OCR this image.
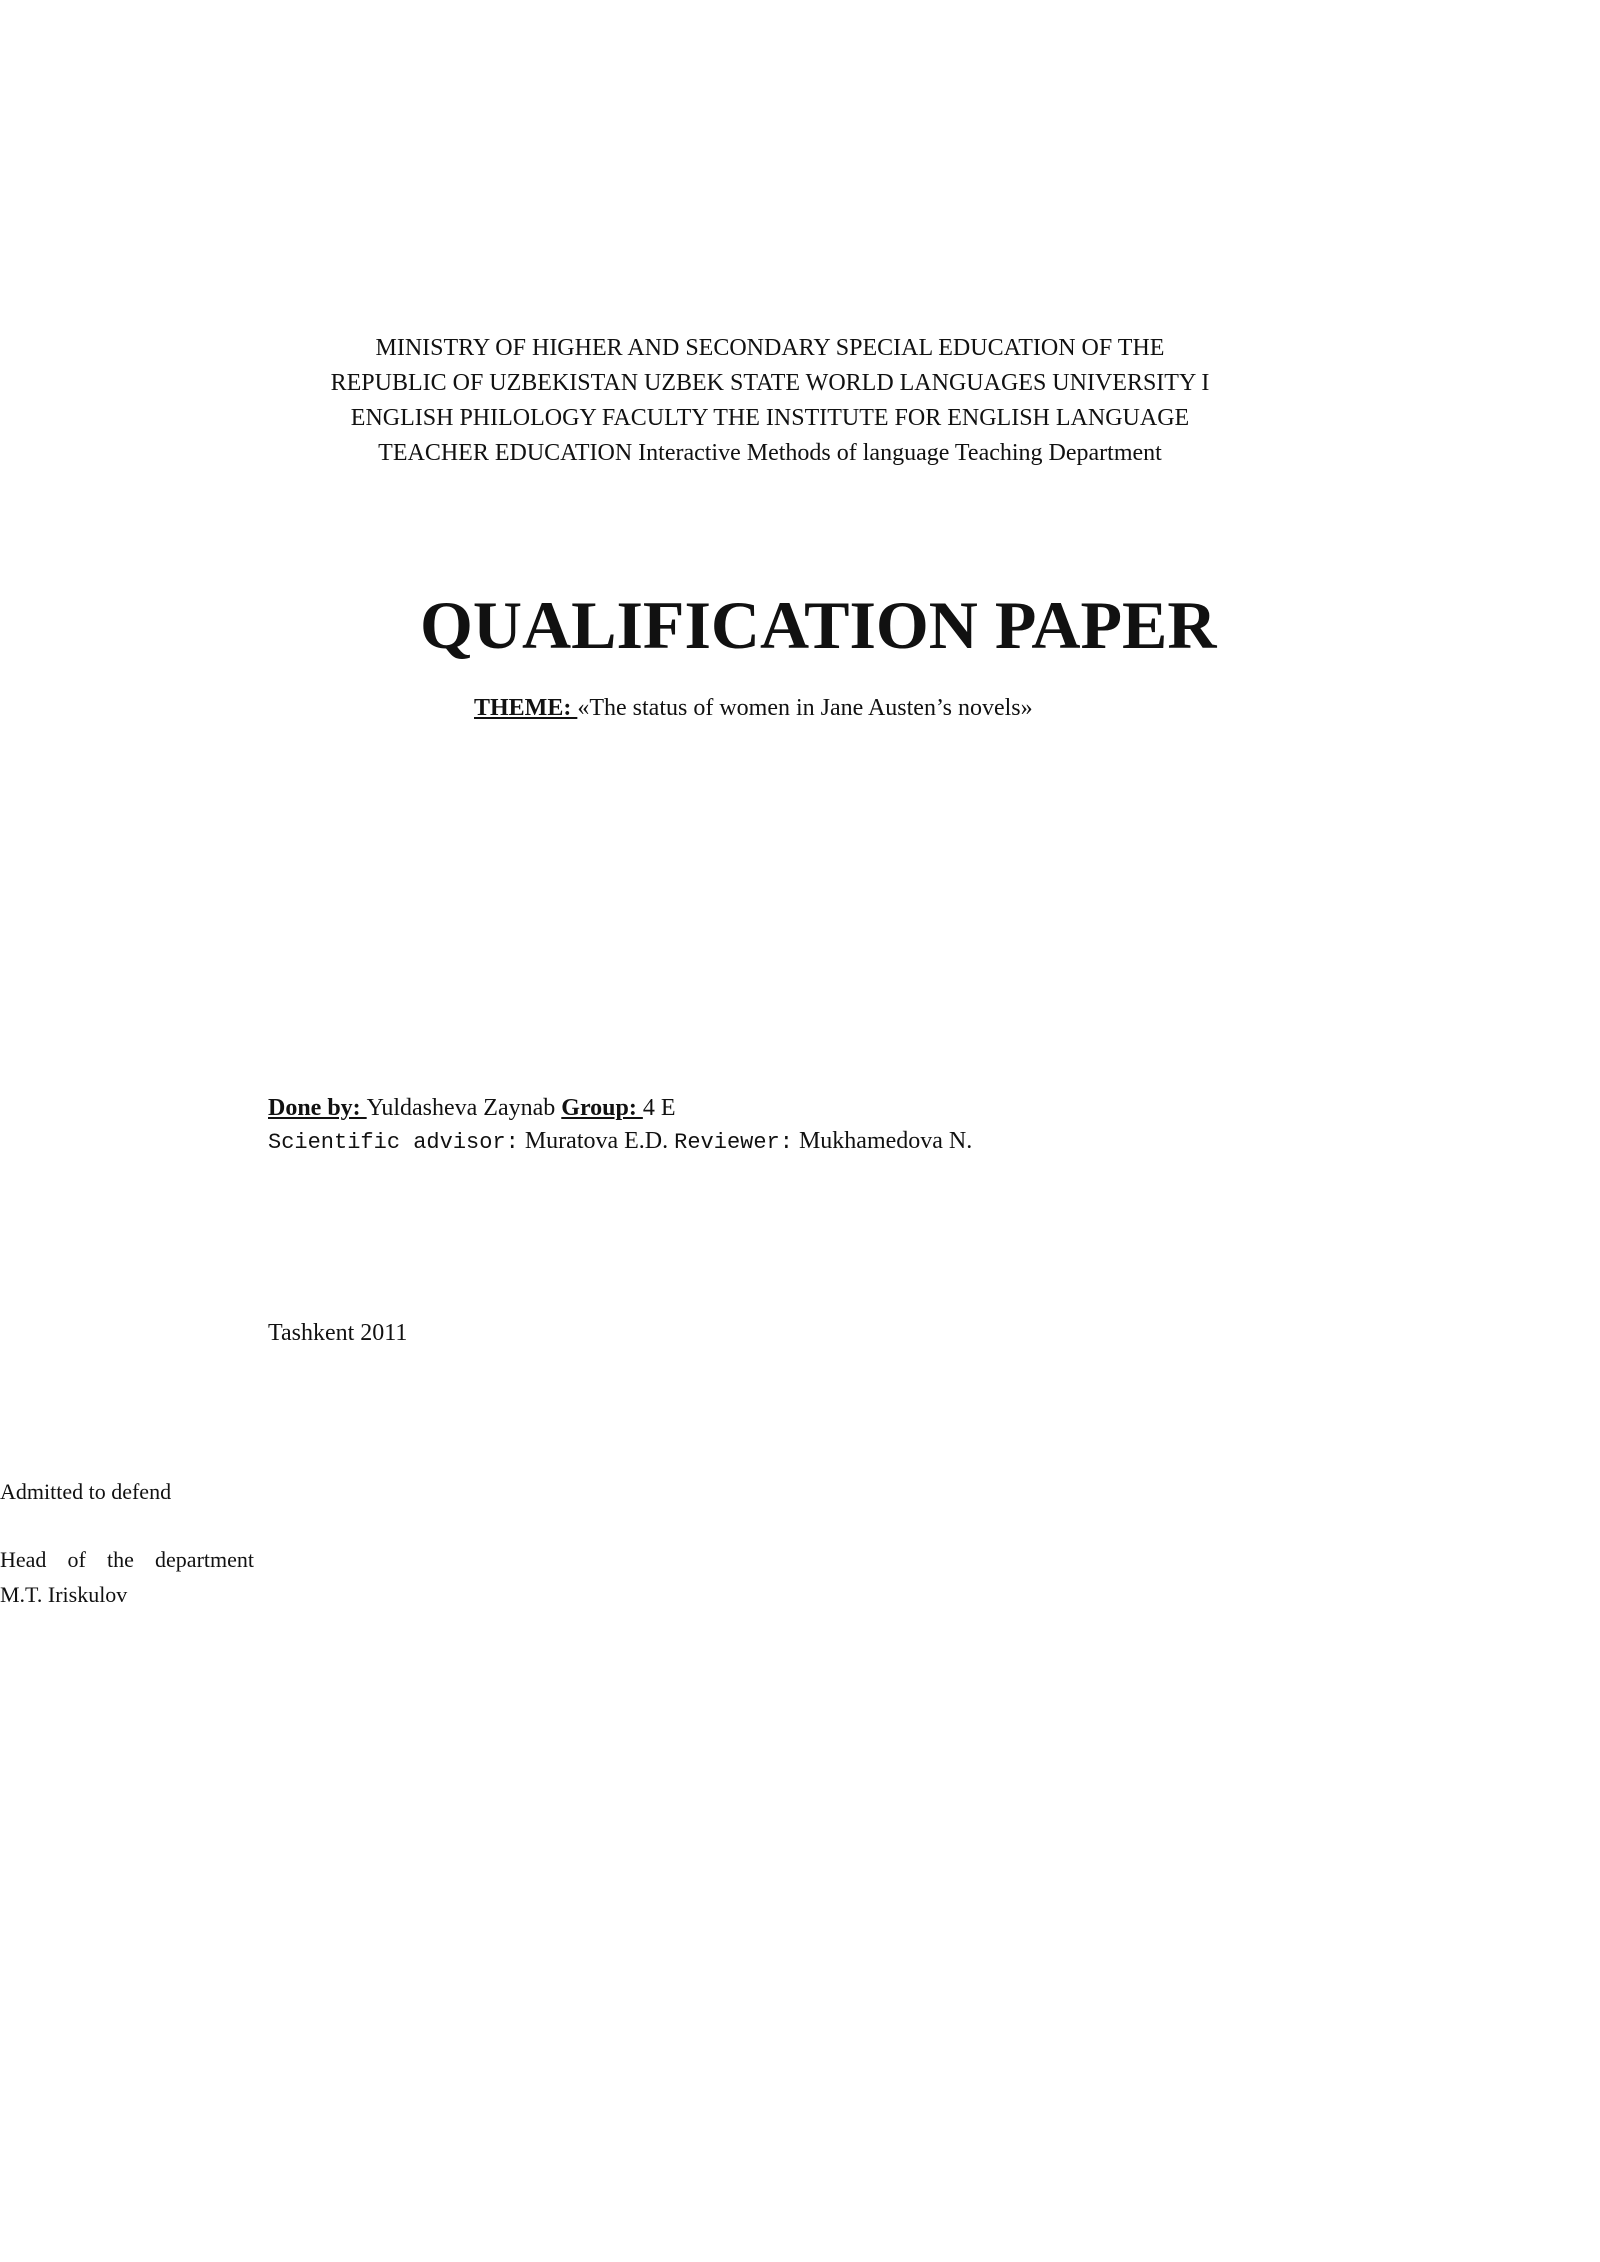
MINISTRY OF HIGHER AND SECONDARY SPECIAL EDUCATION OF THE
REPUBLIC OF UZBEKISTAN UZBEK STATE WORLD LANGUAGES UNIVERSITY I
ENGLISH PHILOLOGY FACULTY THE INSTITUTE FOR ENGLISH LANGUAGE
TEACHER EDUCATION Interactive Methods of language Teaching Department
QUALIFICATION PAPER
THEME: «The status of women in Jane Austen’s novels»
Done by: Yuldasheva Zaynab Group: 4 E
Scientific advisor: Muratova E.D. Reviewer: Mukhamedova N.
Tashkent 2011
Admitted to defend
Head of the department
M.T. Iriskulov
